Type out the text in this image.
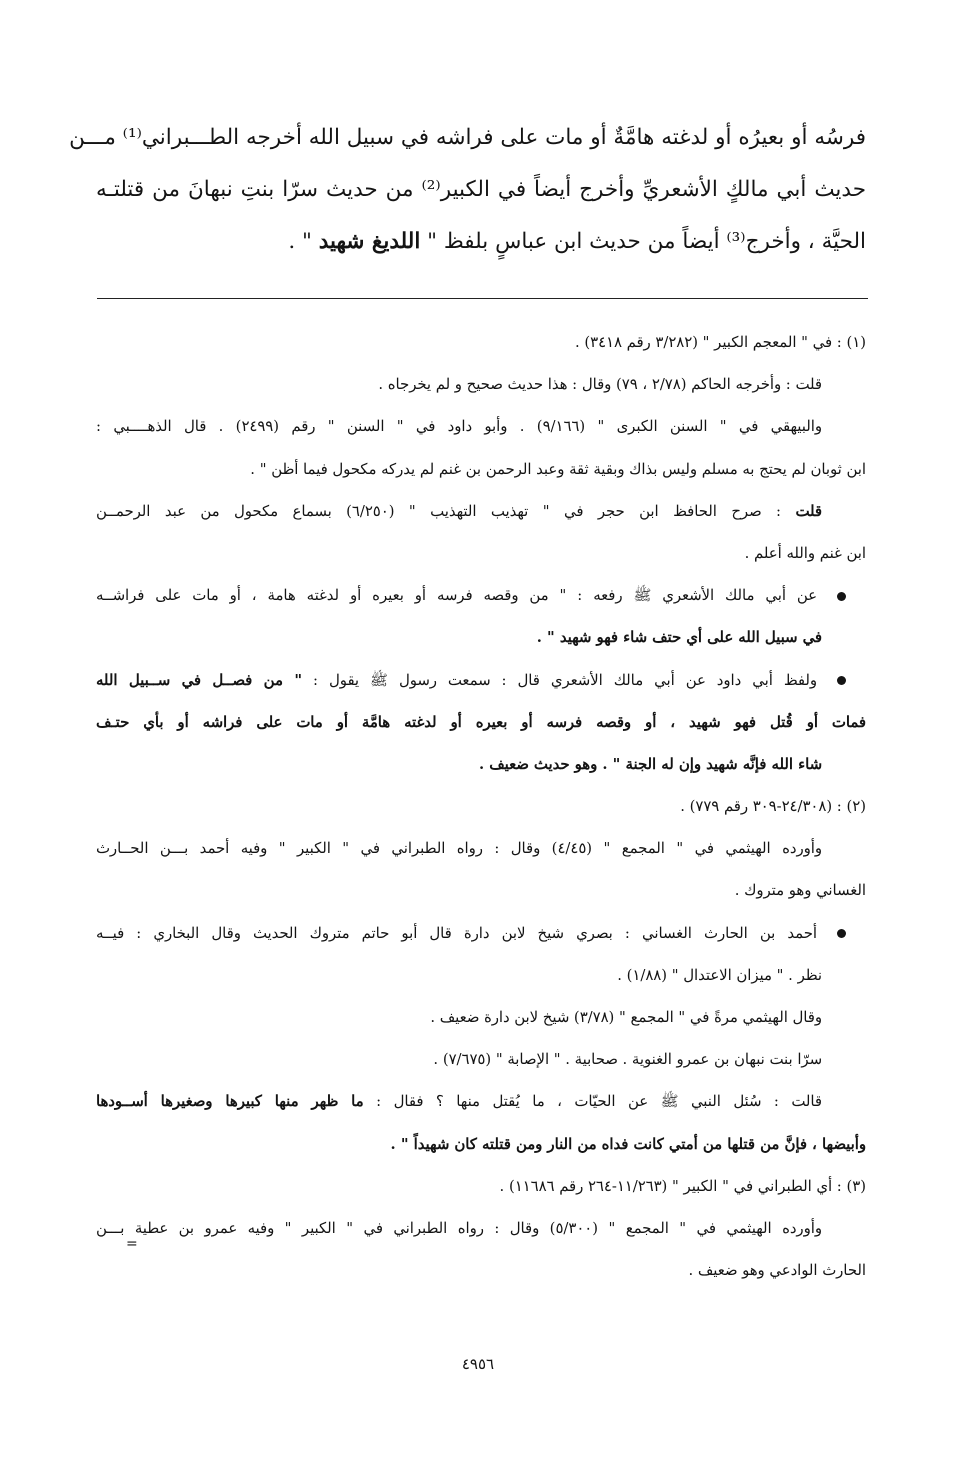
فرسُه أو بعيرُه أو لدغته هامَّةٌ أو مات على فراشه في سبيل الله أخرجه الطـــبراني⁽¹⁾ مـــن
حديث أبي مالكٍ الأشعريِّ وأخرج أيضاً في الكبير⁽²⁾ من حديث سرّا بنتِ نبهانَ من قتلتـه
الحيَّة ، وأخرج⁽³⁾ أيضاً من حديث ابن عباسٍ بلفظ " اللديغ شهيد " .
(١) : في " المعجم الكبير " (٣/٢٨٢ رقم ٣٤١٨) .
قلت : وأخرجه الحاكم (٢/٧٨ ، ٧٩) وقال : هذا حديث صحيح و لم يخرجاه .
والبيهقي في " السنن الكبرى " (٩/١٦٦) . وأبو داود في " السنن " رقم (٢٤٩٩) . قال الذهــــبي :
ابن ثوبان لم يحتج به مسلم وليس بذاك وبقية ثقة وعبد الرحمن بن غنم لم يدركه مكحول فيما أظن " .
قلت : صرح الحافظ ابن حجر في " تهذيب التهذيب " (٦/٢٥٠) بسماع مكحول من عبد الرحمــن
ابن غنم والله أعلم .
عن أبي مالك الأشعري ﷺ رفعه : " من وقصه فرسه أو بعيره أو لدغته هامة ، أو مات على فراشــه
في سبيل الله على أي حتف شاء فهو شهيد " .
ولفظ أبي داود عن أبي مالك الأشعري قال : سمعت رسول ﷺ يقول : " من فصــل في ســبيل الله
فمات أو قُتل فهو شهيد ، أو وقصه فرسه أو بعيره أو لدغته هامَّة أو مات على فراشه أو بأي حتـف
شاء الله فإنَّه شهيد وإن له الجنة " . وهو حديث ضعيف .
(٢) : (٢٤/٣٠٨-٣٠٩ رقم ٧٧٩) .
وأورده الهيثمي في " المجمع " (٤/٤٥) وقال : رواه الطبراني في " الكبير " وفيه أحمد بـــن الحــارث
الغساني وهو متروك .
أحمد بن الحارث الغساني : بصري شيخ لابن دارة قال أبو حاتم متروك الحديث وقال البخاري : فيــه
نظر . " ميزان الاعتدال " (١/٨٨) .
وقال الهيثمي مرةً في " المجمع " (٣/٧٨) شيخ لابن دارة ضعيف .
سرّا بنت نبهان بن عمرو الغنوية . صحابية . " الإصابة " (٧/٦٧٥) .
قالت : سُئل النبي ﷺ عن الحيّات ، ما يُقتل منها ؟ فقال : ما ظهر منها كبيرها وصغيرها أســودها
وأبيضها ، فإنَّ من قتلها من أمتي كانت فداه من النار ومن قتلته كان شهيداً " .
(٣) : أي الطبراني في " الكبير " (١١/٢٦٣-٢٦٤ رقم ١١٦٨٦) .
وأورده الهيثمي في " المجمع " (٥/٣٠٠) وقال : رواه الطبراني في " الكبير " وفيه عمرو بن عطية بـــن
الحارث الوادعي وهو ضعيف .
=
٤٩٥٦
